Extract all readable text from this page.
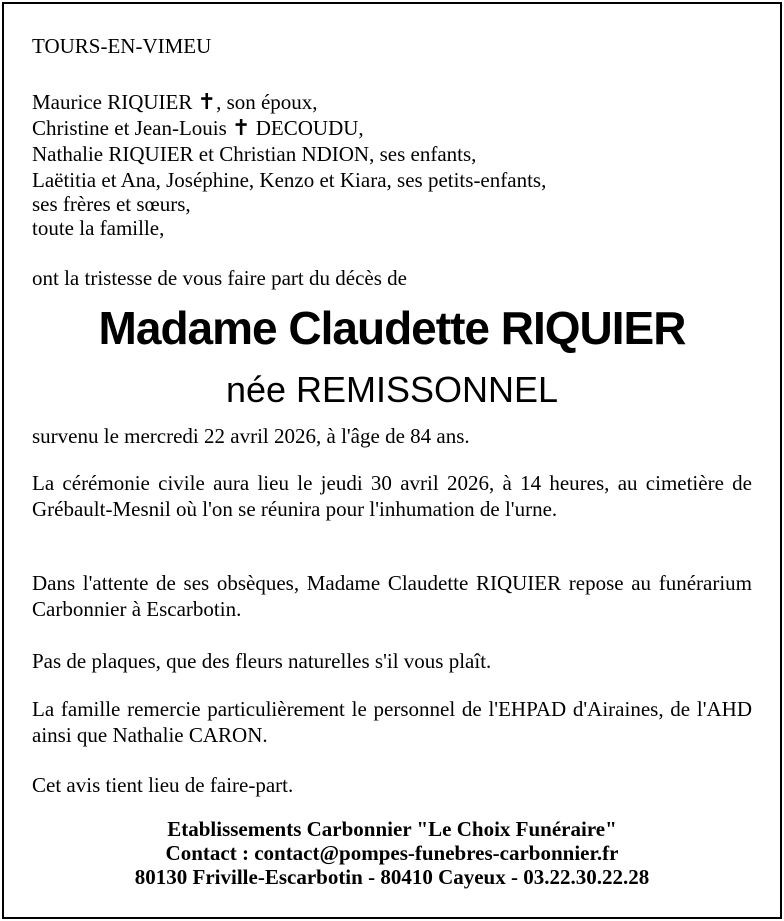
TOURS-EN-VIMEU
Maurice RIQUIER ✝, son époux,
Christine et Jean-Louis ✝ DECOUDU,
Nathalie RIQUIER et Christian NDION, ses enfants,
Laëtitia et Ana, Joséphine, Kenzo et Kiara, ses petits-enfants,
ses frères et sœurs,
toute la famille,
ont la tristesse de vous faire part du décès de
Madame Claudette RIQUIER
née REMISSONNEL
survenu le mercredi 22 avril 2026, à l'âge de 84 ans.
La cérémonie civile aura lieu le jeudi 30 avril 2026, à 14 heures, au cimetière de Grébault-Mesnil où l'on se réunira pour l'inhumation de l'urne.
Dans l'attente de ses obsèques, Madame Claudette RIQUIER repose au funérarium Carbonnier à Escarbotin.
Pas de plaques, que des fleurs naturelles s'il vous plaît.
La famille remercie particulièrement le personnel de l'EHPAD d'Airaines, de l'AHD ainsi que Nathalie CARON.
Cet avis tient lieu de faire-part.
Etablissements Carbonnier "Le Choix Funéraire"
Contact : contact@pompes-funebres-carbonnier.fr
80130 Friville-Escarbotin - 80410 Cayeux - 03.22.30.22.28
